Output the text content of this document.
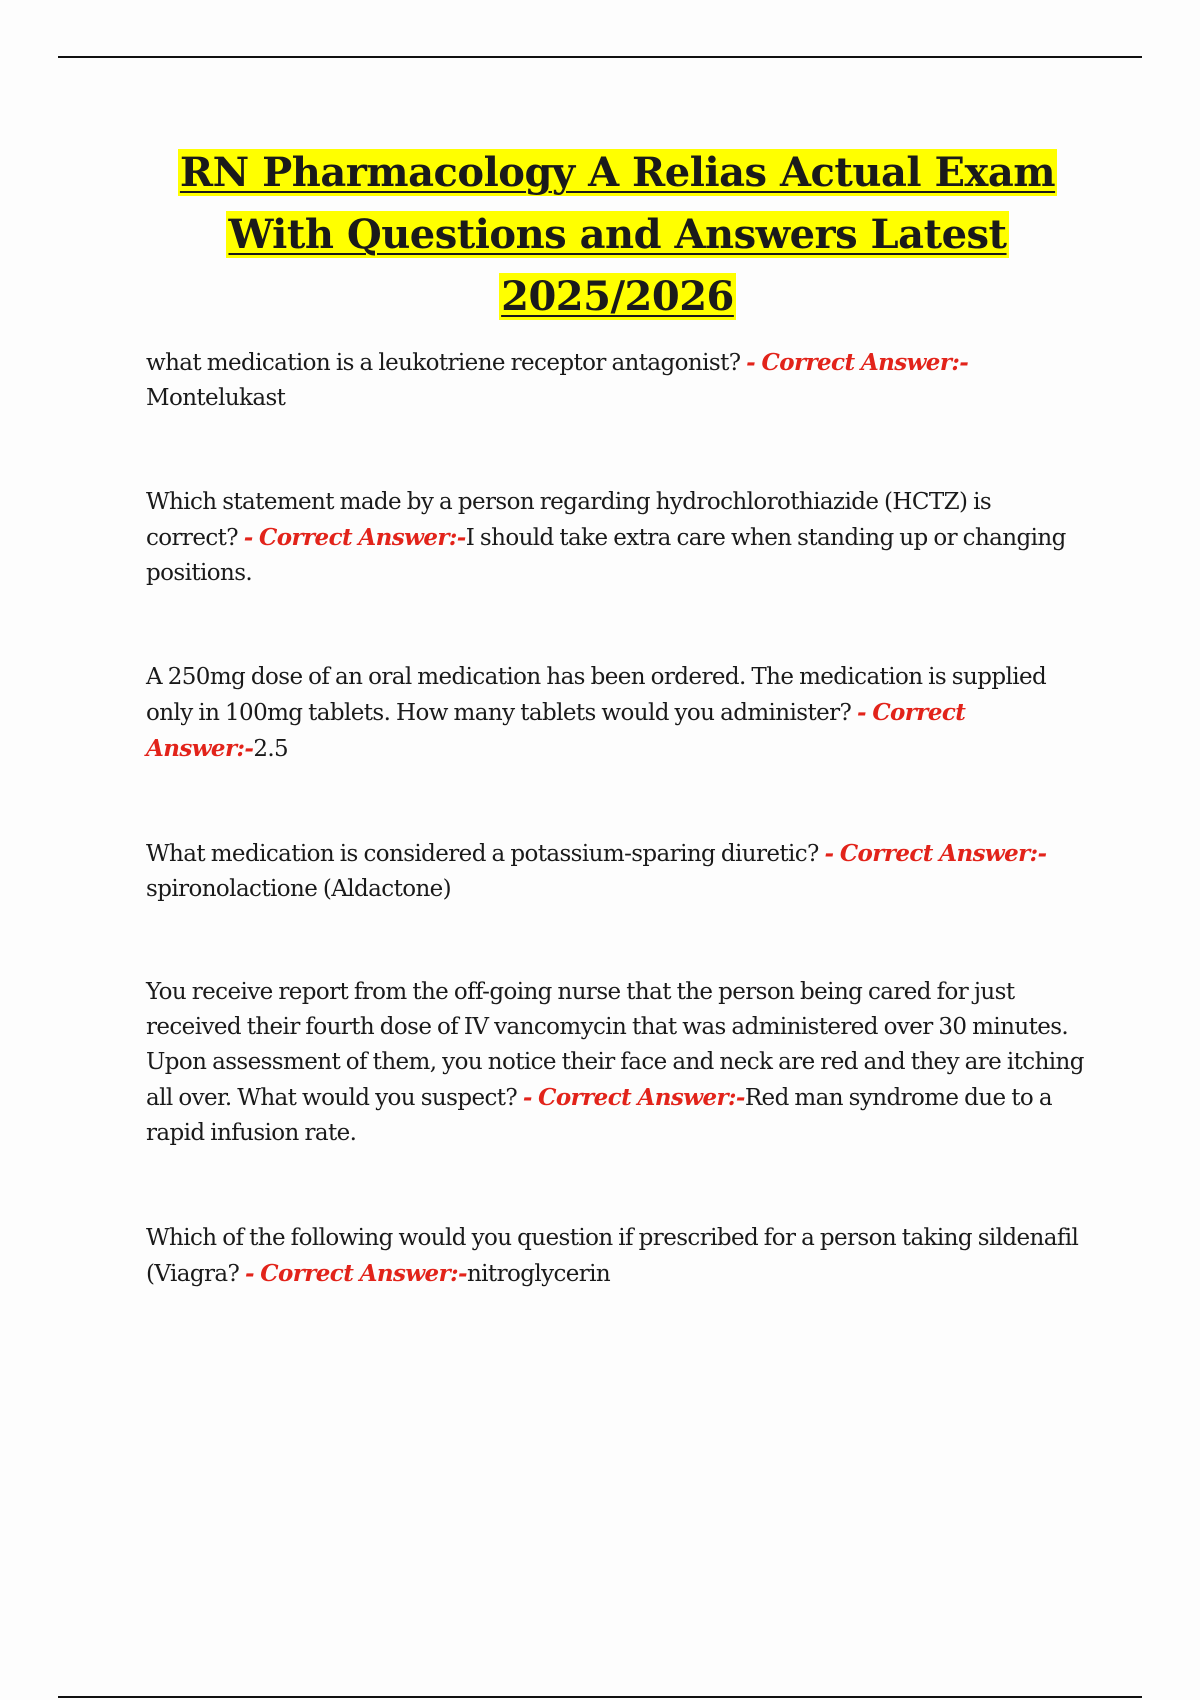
RN Pharmacology A Relias Actual Exam With Questions and Answers Latest 2025/2026

what medication is a leukotriene receptor antagonist? - Correct Answer:-Montelukast

Which statement made by a person regarding hydrochlorothiazide (HCTZ) is correct? - Correct Answer:-I should take extra care when standing up or changing positions.

A 250mg dose of an oral medication has been ordered. The medication is supplied only in 100mg tablets. How many tablets would you administer? - Correct Answer:-2.5

What medication is considered a potassium-sparing diuretic? - Correct Answer:-spironolactione (Aldactone)

You receive report from the off-going nurse that the person being cared for just received their fourth dose of IV vancomycin that was administered over 30 minutes. Upon assessment of them, you notice their face and neck are red and they are itching all over. What would you suspect? - Correct Answer:-Red man syndrome due to a rapid infusion rate.

Which of the following would you question if prescribed for a person taking sildenafil (Viagra? - Correct Answer:-nitroglycerin
